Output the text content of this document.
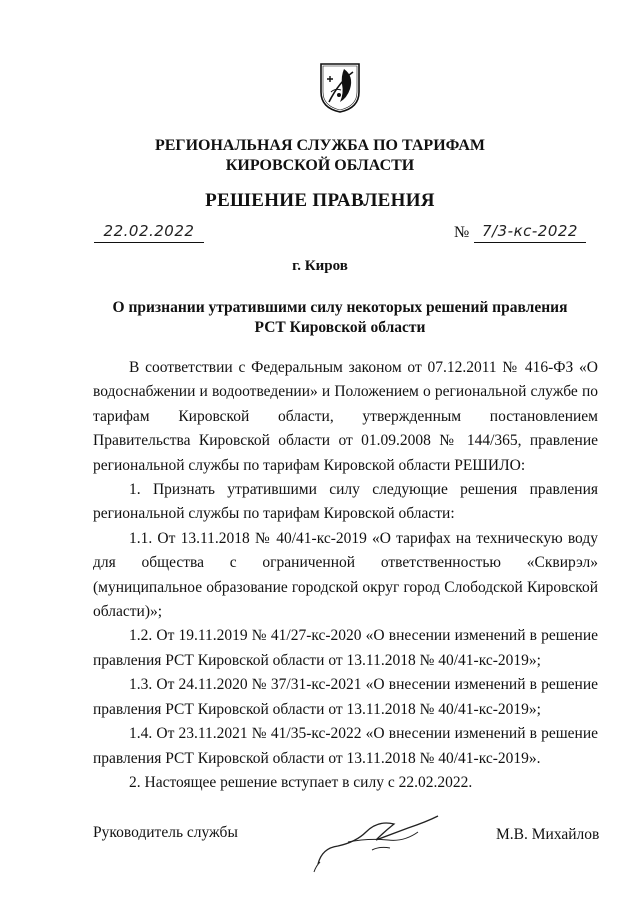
РЕГИОНАЛЬНАЯ СЛУЖБА ПО ТАРИФАМ
КИРОВСКОЙ ОБЛАСТИ
РЕШЕНИЕ ПРАВЛЕНИЯ
22.02.2022	№ 7/3-кс-2022
г. Киров
О признании утратившими силу некоторых решений правления
РСТ Кировской области

В соответствии с Федеральным законом от 07.12.2011 № 416-ФЗ «О водоснабжении и водоотведении» и Положением о региональной службе по тарифам Кировской области, утвержденным постановлением Правительства Кировской области от 01.09.2008 № 144/365, правление региональной службы по тарифам Кировской области РЕШИЛО:

1. Признать утратившими силу следующие решения правления региональной службы по тарифам Кировской области:

1.1. От 13.11.2018 № 40/41-кс-2019 «О тарифах на техническую воду для общества с ограниченной ответственностью «Сквирэл» (муниципальное образование городской округ город Слободской Кировской области)»;

1.2. От 19.11.2019 № 41/27-кс-2020 «О внесении изменений в решение правления РСТ Кировской области от 13.11.2018 № 40/41-кс-2019»;

1.3. От 24.11.2020 № 37/31-кс-2021 «О внесении изменений в решение правления РСТ Кировской области от 13.11.2018 № 40/41-кс-2019»;

1.4. От 23.11.2021 № 41/35-кс-2022 «О внесении изменений в решение правления РСТ Кировской области от 13.11.2018 № 40/41-кс-2019».

2. Настоящее решение вступает в силу с 22.02.2022.

Руководитель службы	М.В. Михайлов
